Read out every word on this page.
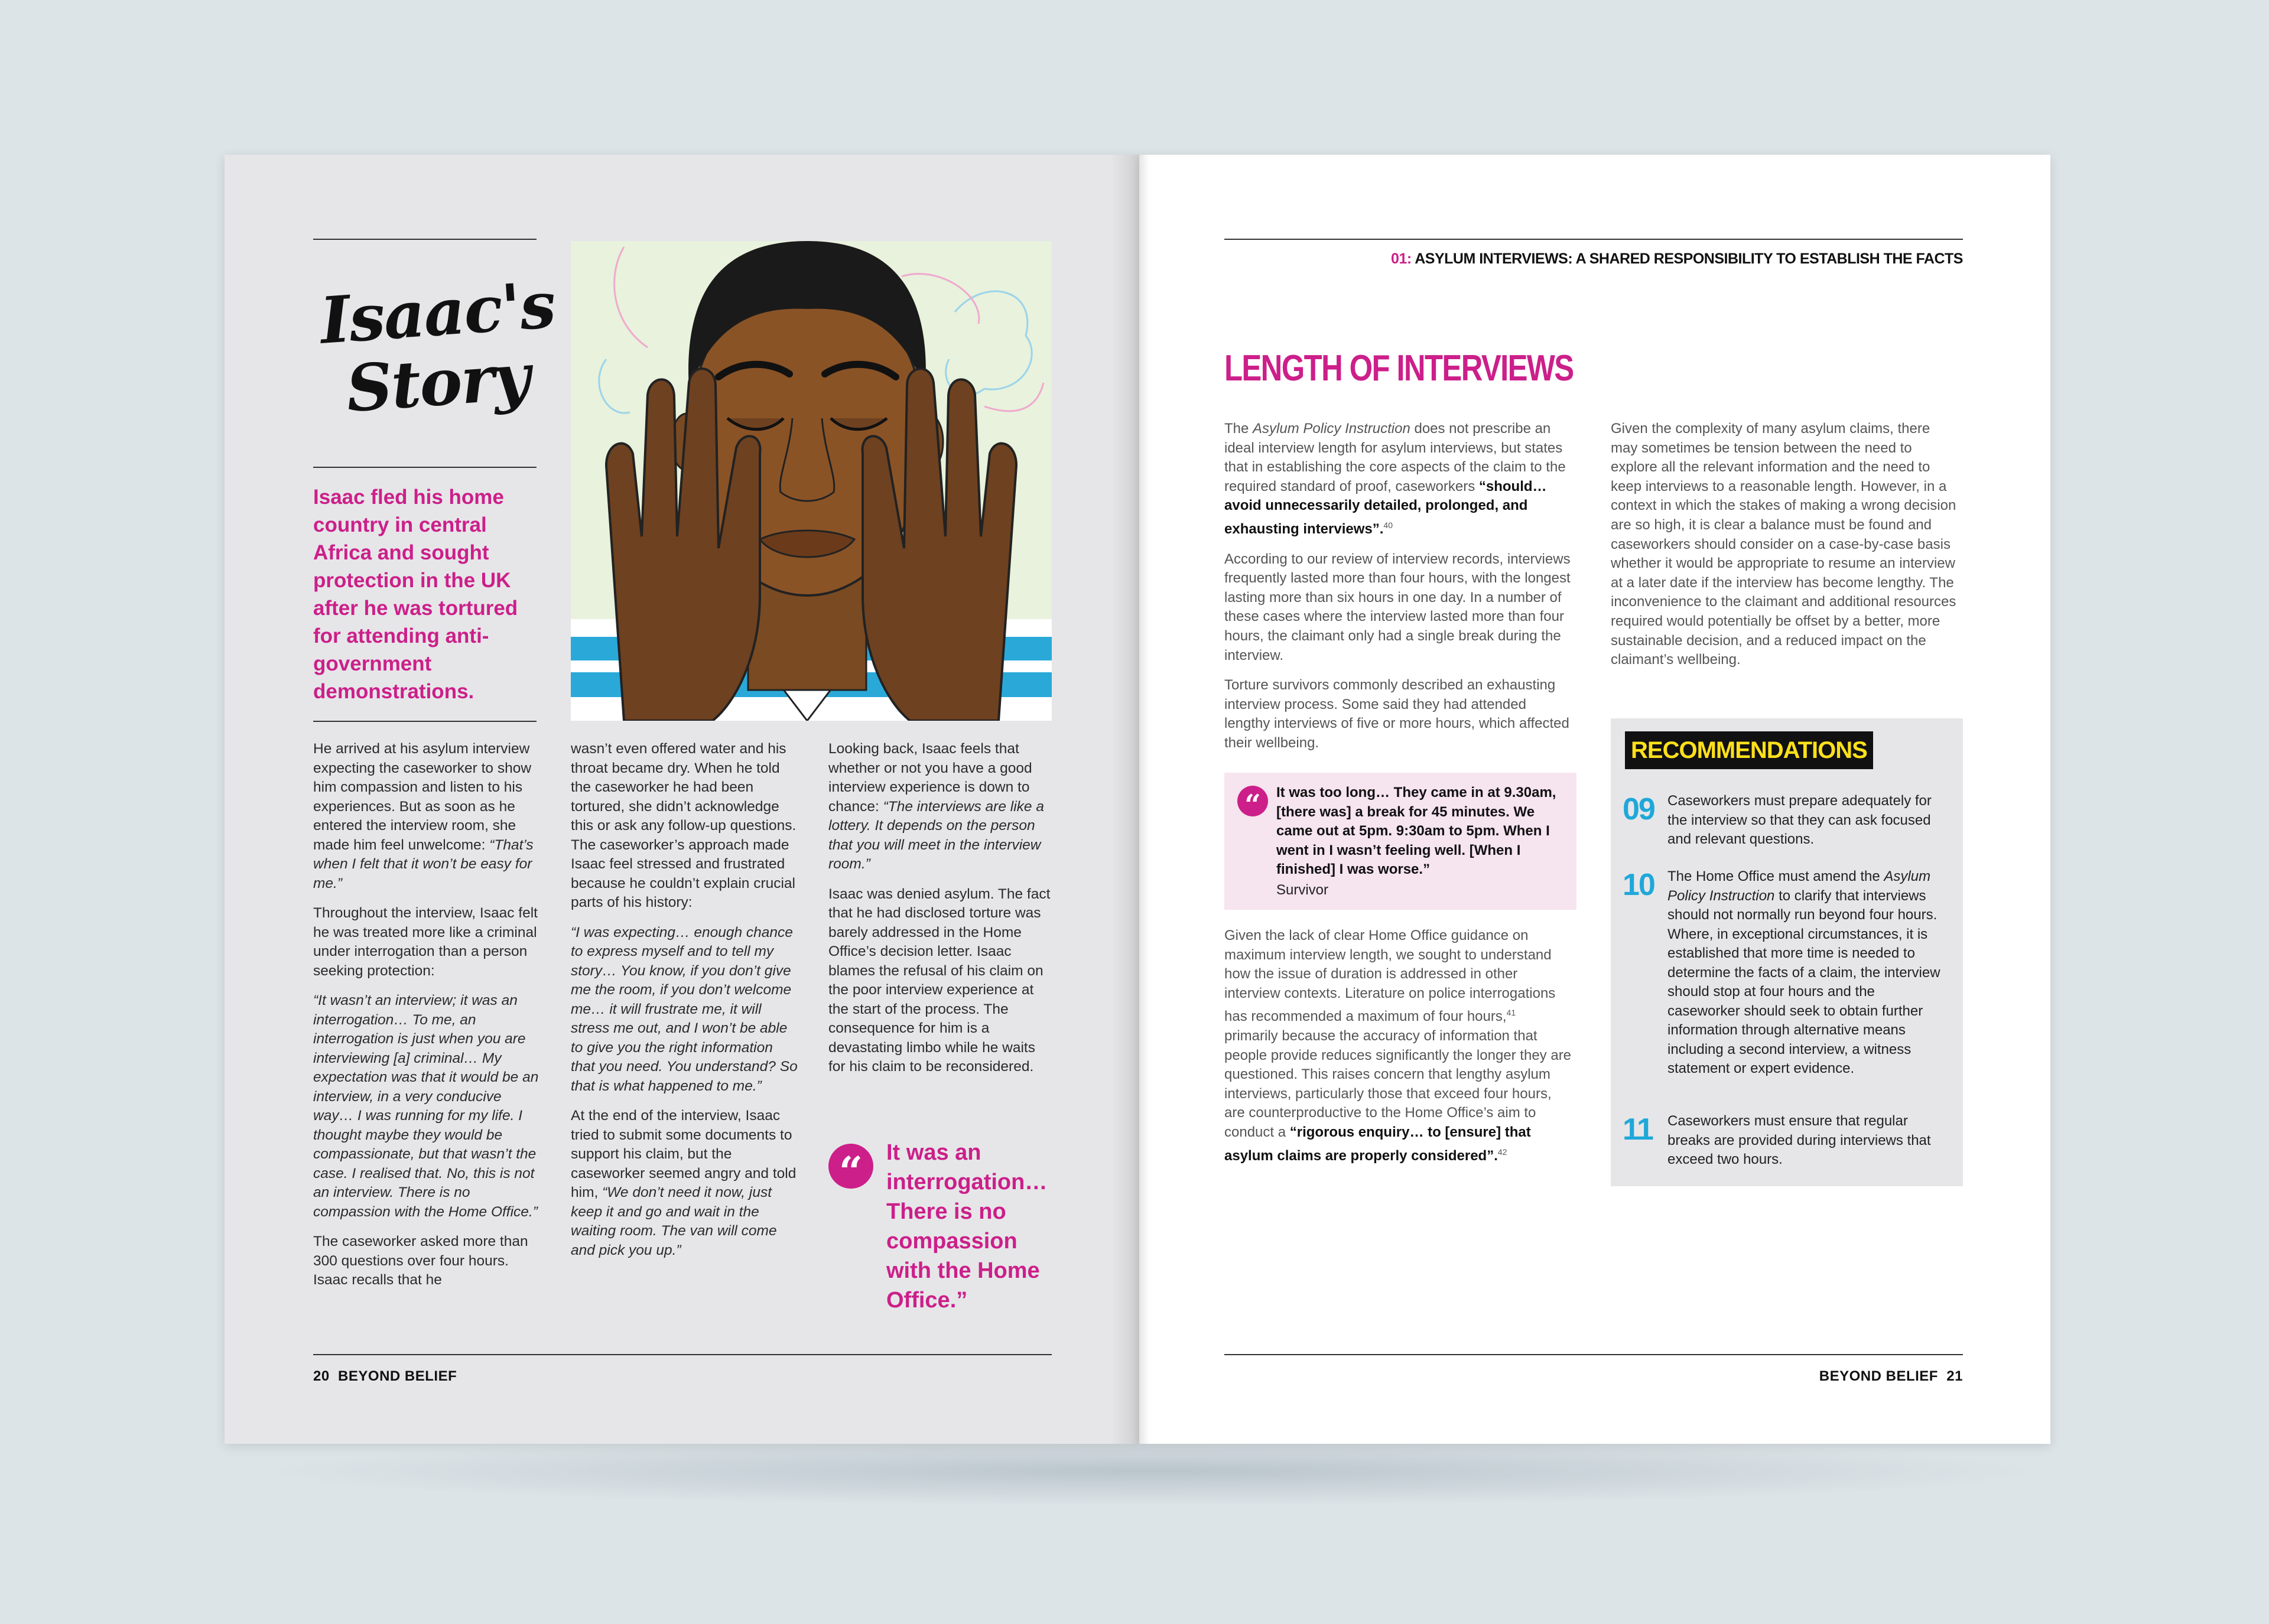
Isaac's
Story
Isaac fled his home country in central Africa and sought protection in the UK after he was tortured for attending anti-government demonstrations.

He arrived at his asylum interview expecting the caseworker to show him compassion and listen to his experiences. But as soon as he entered the interview room, she made him feel unwelcome: “That’s when I felt that it won’t be easy for me.”

Throughout the interview, Isaac felt he was treated more like a criminal under interrogation than a person seeking protection:

“It wasn’t an interview; it was an interrogation… To me, an interrogation is just when you are interviewing [a] criminal… My expectation was that it would be an interview, in a very conducive way… I was running for my life. I thought maybe they would be compassionate, but that wasn’t the case. I realised that. No, this is not an interview. There is no compassion with the Home Office.”

The caseworker asked more than 300 questions over four hours. Isaac recalls that he

wasn’t even offered water and his throat became dry. When he told the caseworker he had been tortured, she didn’t acknowledge this or ask any follow-up questions. The caseworker’s approach made Isaac feel stressed and frustrated because he couldn’t explain crucial parts of his history:

“I was expecting… enough chance to express myself and to tell my story… You know, if you don’t give me the room, if you don’t welcome me… it will frustrate me, it will stress me out, and I won’t be able to give you the right information that you need. You understand? So that is what happened to me.”

At the end of the interview, Isaac tried to submit some documents to support his claim, but the caseworker seemed angry and told him, “We don’t need it now, just keep it and go and wait in the waiting room. The van will come and pick you up.”

Looking back, Isaac feels that whether or not you have a good interview experience is down to chance: “The interviews are like a lottery. It depends on the person that you will meet in the interview room.”

Isaac was denied asylum. The fact that he had disclosed torture was barely addressed in the Home Office’s decision letter. Isaac blames the refusal of his claim on the poor interview experience at the start of the process. The consequence for him is a devastating limbo while he waits for his claim to be reconsidered.

“	It was an interrogation… There is no compassion with the Home Office.”
20 BEYOND BELIEF
01: ASYLUM INTERVIEWS: A SHARED RESPONSIBILITY TO ESTABLISH THE FACTS
LENGTH OF INTERVIEWS

The Asylum Policy Instruction does not prescribe an ideal interview length for asylum interviews, but states that in establishing the core aspects of the claim to the required standard of proof, caseworkers “should… avoid unnecessarily detailed, prolonged, and exhausting interviews”.$^{40}$

According to our review of interview records, interviews frequently lasted more than four hours, with the longest lasting more than six hours in one day. In a number of these cases where the interview lasted more than four hours, the claimant only had a single break during the interview.

Torture survivors commonly described an exhausting interview process. Some said they had attended lengthy interviews of five or more hours, which affected their wellbeing.

“	It was too long… They came in at 9.30am, [there was] a break for 45 minutes. We came out at 5pm. 9:30am to 5pm. When I went in I wasn’t feeling well. [When I finished] I was worse.”
Survivor

Given the lack of clear Home Office guidance on maximum interview length, we sought to understand how the issue of duration is addressed in other interview contexts. Literature on police interrogations has recommended a maximum of four hours,$^{41}$ primarily because the accuracy of information that people provide reduces significantly the longer they are questioned. This raises concern that lengthy asylum interviews, particularly those that exceed four hours, are counterproductive to the Home Office’s aim to conduct a “rigorous enquiry… to [ensure] that asylum claims are properly considered”.$^{42}$

Given the complexity of many asylum claims, there may sometimes be tension between the need to explore all the relevant information and the need to keep interviews to a reasonable length. However, in a context in which the stakes of making a wrong decision are so high, it is clear a balance must be found and caseworkers should consider on a case-by-case basis whether it would be appropriate to resume an interview at a later date if the interview has become lengthy. The inconvenience to the claimant and additional resources required would potentially be offset by a better, more sustainable decision, and a reduced impact on the claimant’s wellbeing.

RECOMMENDATIONS
09 Caseworkers must prepare adequately for the interview so that they can ask focused and relevant questions.
10 The Home Office must amend the Asylum Policy Instruction to clarify that interviews should not normally run beyond four hours. Where, in exceptional circumstances, it is established that more time is needed to determine the facts of a claim, the interview should stop at four hours and the caseworker should seek to obtain further information through alternative means including a second interview, a witness statement or expert evidence.
11 Caseworkers must ensure that regular breaks are provided during interviews that exceed two hours.
BEYOND BELIEF 21
